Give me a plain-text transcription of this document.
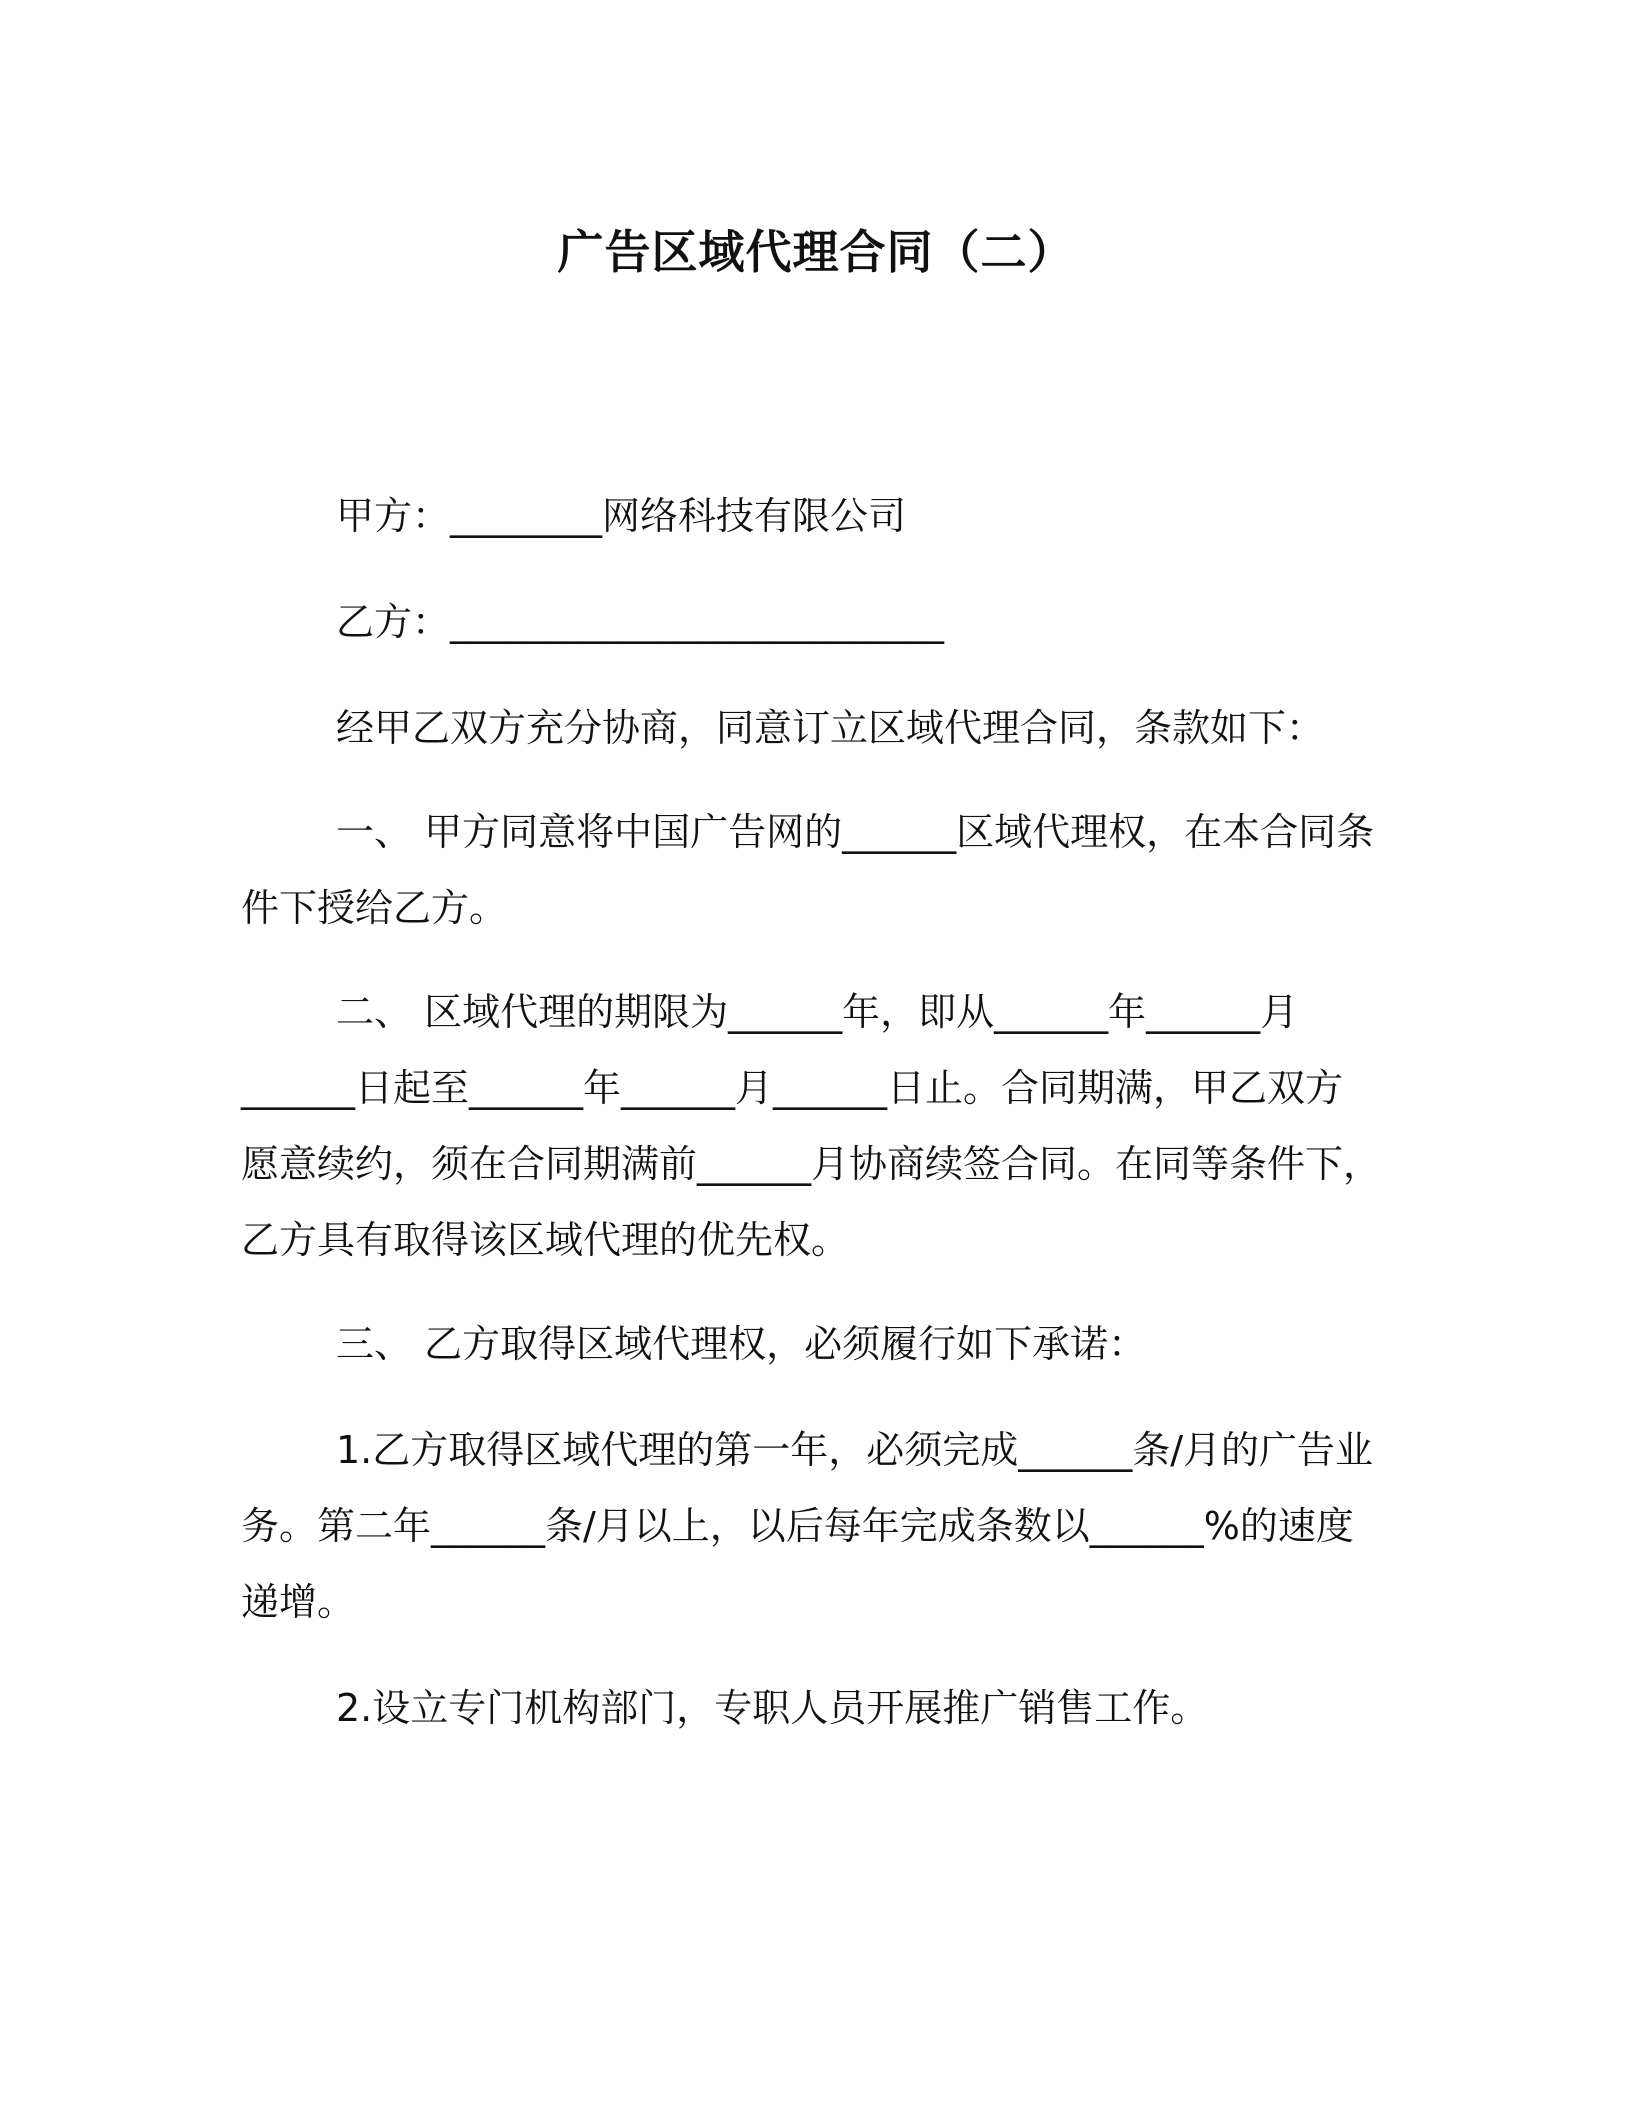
广告区域代理合同（二）

甲方：________网络科技有限公司

乙方：__________________________

经甲乙双方充分协商，同意订立区域代理合同，条款如下：

一、 甲方同意将中国广告网的______区域代理权，在本合同条

件下授给乙方。

二、 区域代理的期限为______年，即从______年______月

______日起至______年______月______日止。合同期满，甲乙双方

愿意续约，须在合同期满前______月协商续签合同。在同等条件下，

乙方具有取得该区域代理的优先权。

三、 乙方取得区域代理权，必须履行如下承诺：

1.乙方取得区域代理的第一年，必须完成______条/月的广告业

务。第二年______条/月以上，以后每年完成条数以______%的速度

递增。

2.设立专门机构部门，专职人员开展推广销售工作。
